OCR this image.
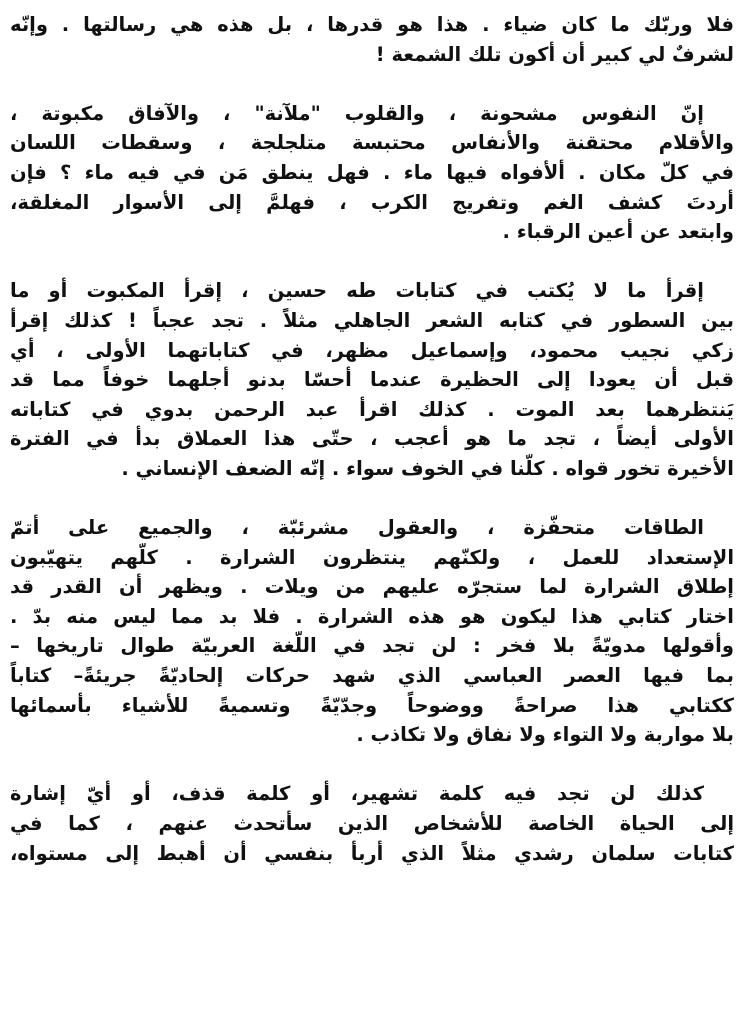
فلا وربّك ما كان ضياء . هذا هو قدرها ، بل هذه هي رسالتها . وإنّه
لشرفٌ لي كبير أن أكون تلك الشمعة !
إنّ النفوس مشحونة ، والقلوب "ملآنة" ، والآفاق مكبوتة ،
والأقلام محتقنة والأنفاس محتبسة متلجلجة ، وسقطات اللسان
في كلّ مكان . ألأفواه فيها ماء . فهل ينطق مَن في فيه ماء ؟ فإن
أردتَ كشف الغم وتفريج الكرب ، فهلمَّ إلى الأسوار المغلقة،
وابتعد عن أعين الرقباء .
إقرأ ما لا يُكتب في كتابات طه حسين ، إقرأ المكبوت أو ما
بين السطور في كتابه الشعر الجاهلي مثلاً . تجد عجباً ! كذلك إقرأ
زكي نجيب محمود، وإسماعيل مظهر، في كتاباتهما الأولى ، أي
قبل أن يعودا إلى الحظيرة عندما أحسّا بدنو أجلهما خوفاً مما قد
يَنتظرهما بعد الموت . كذلك اقرأ عبد الرحمن بدوي في كتاباته
الأولى أيضاً ، تجد ما هو أعجب ، حتّى هذا العملاق بدأ في الفترة
الأخيرة تخور قواه . كلّنا في الخوف سواء . إنّه الضعف الإنساني .
الطاقات متحفّزة ، والعقول مشرئبّة ، والجميع على أتمّ
الإستعداد للعمل ، ولكنّهم ينتظرون الشرارة . كلّهم يتهيّبون
إطلاق الشرارة لما ستجرّه عليهم من ويلات . ويظهر أن القدر قد
اختار كتابي هذا ليكون هو هذه الشرارة . فلا بد مما ليس منه بدّ .
وأقولها مدويّةً بلا فخر : لن تجد في اللّغة العربيّة طوال تاريخها –
بما فيها العصر العباسي الذي شهد حركات إلحاديّةً جريئةً– كتاباً
ككتابي هذا صراحةً ووضوحاً وجدّيّةً وتسميةً للأشياء بأسمائها
بلا مواربة ولا التواء ولا نفاق ولا تكاذب .
كذلك لن تجد فيه كلمة تشهير، أو كلمة قذف، أو أيّ إشارة
إلى الحياة الخاصة للأشخاص الذين سأتحدث عنهم ، كما في
كتابات سلمان رشدي مثلاً الذي أربأ بنفسي أن أهبط إلى مستواه،
